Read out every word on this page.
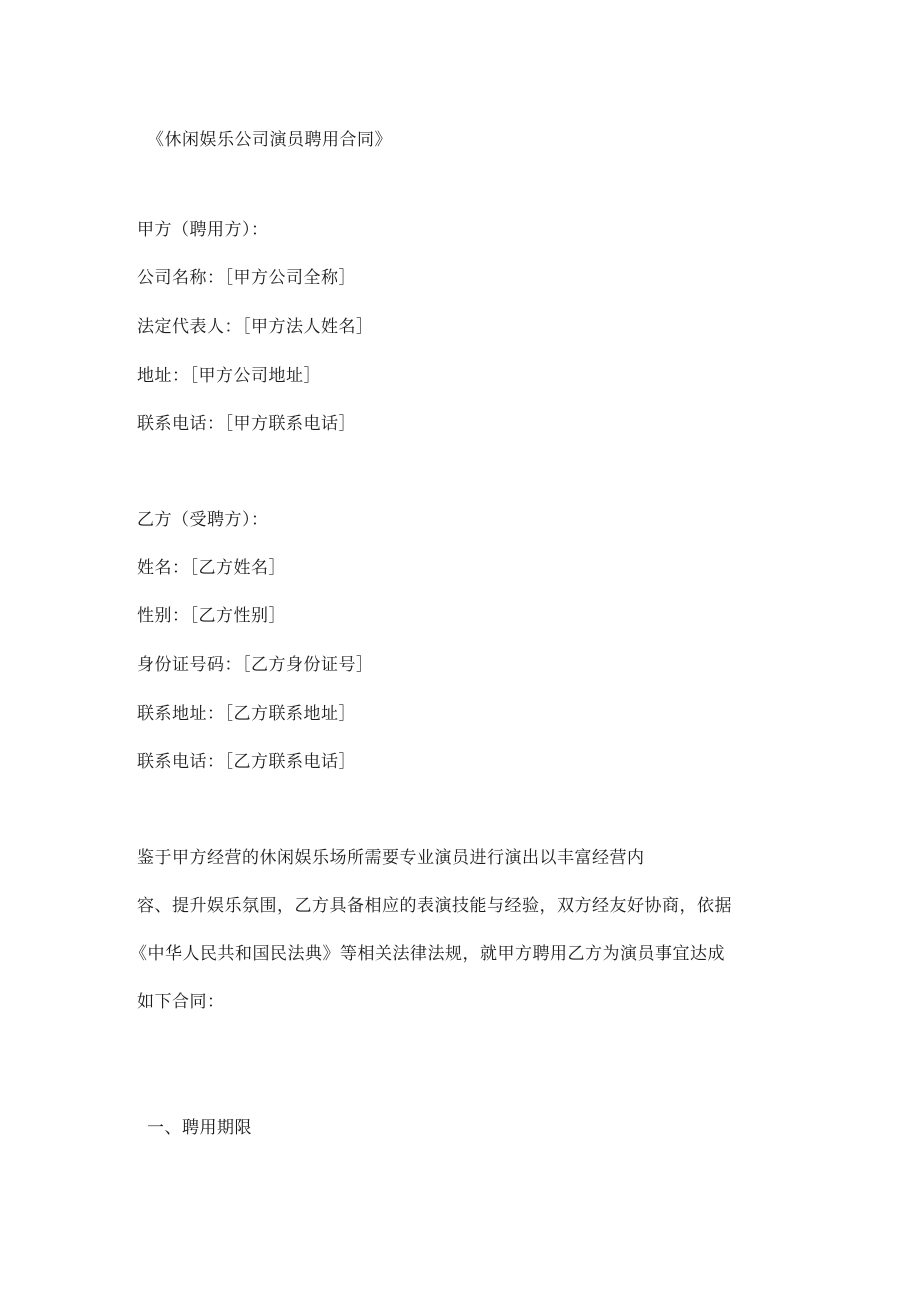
《休闲娱乐公司演员聘用合同》
甲方（聘用方）：
公司名称：［甲方公司全称］
法定代表人：［甲方法人姓名］
地址：［甲方公司地址］
联系电话：［甲方联系电话］
乙方（受聘方）：
姓名：［乙方姓名］
性别：［乙方性别］
身份证号码：［乙方身份证号］
联系地址：［乙方联系地址］
联系电话：［乙方联系电话］
鉴于甲方经营的休闲娱乐场所需要专业演员进行演出以丰富经营内
容、提升娱乐氛围，乙方具备相应的表演技能与经验，双方经友好协商，依据
《中华人民共和国民法典》等相关法律法规，就甲方聘用乙方为演员事宜达成
如下合同：
一、聘用期限
